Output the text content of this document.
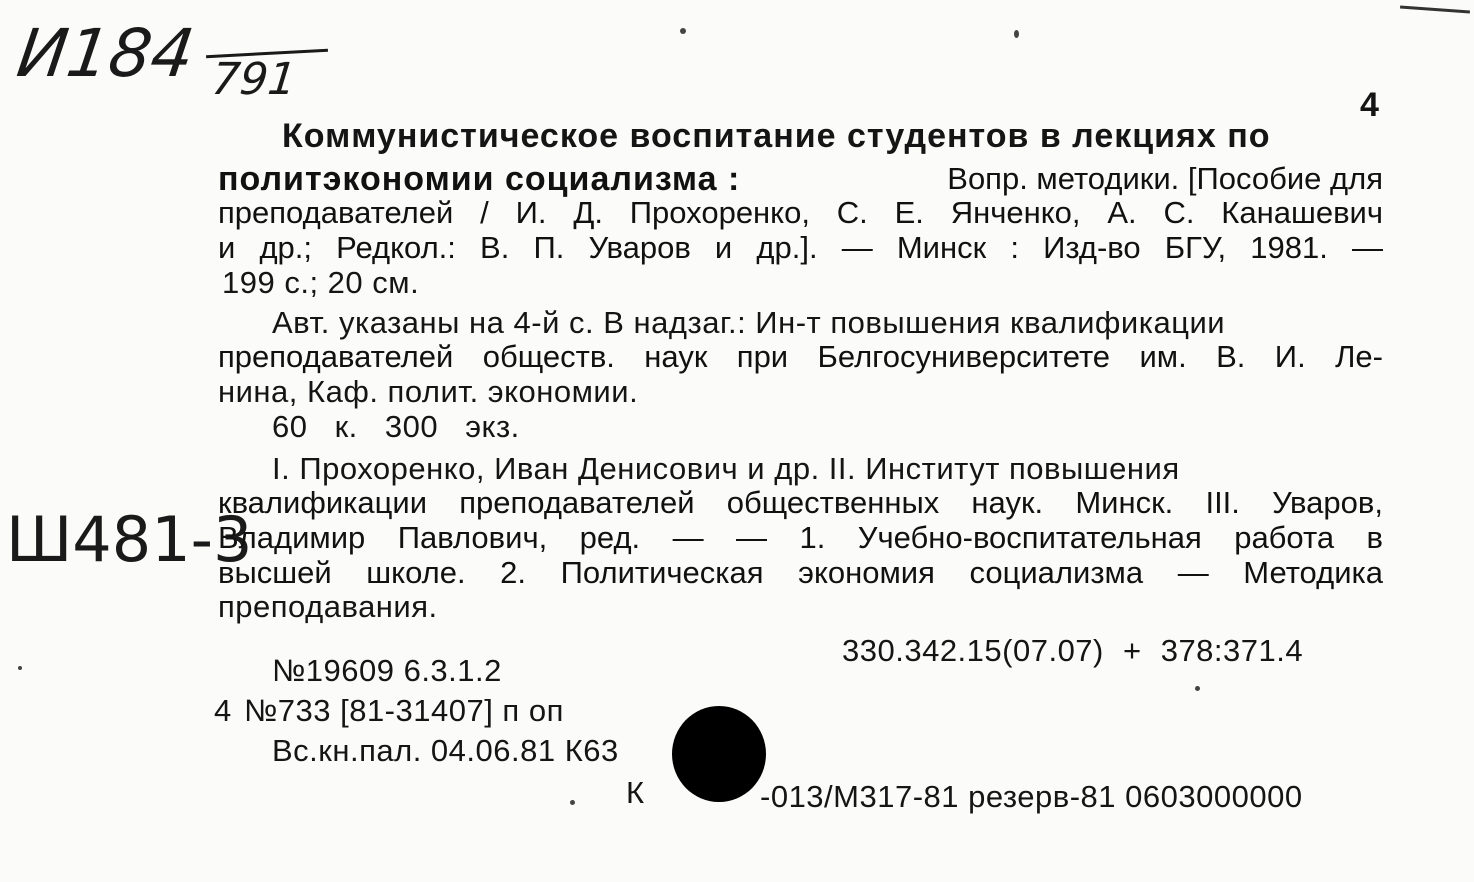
И184 791
Ш481-3
4
Коммунистическое воспитание студентов в лекциях по
политэкономии социализма :	Вопр. методики. [Пособие для
преподавателей / И. Д. Прохоренко, С. Е. Янченко, А. С. Канашевич
и др.; Редкол.: В. П. Уваров и др.]. — Минск : Изд-во БГУ, 1981. —
199 с.; 20 см.
Авт. указаны на 4-й с. В надзаг.: Ин-т повышения квалификации
преподавателей обществ. наук при Белгосуниверситете им. В. И. Ле-
нина, Каф. полит. экономии.
60 к. 300 экз.
I. Прохоренко, Иван Денисович и др. II. Институт повышения
квалификации преподавателей общественных наук. Минск. III. Уваров,
Владимир Павлович, ред. — — 1. Учебно-воспитательная работа в
высшей школе. 2. Политическая экономия социализма — Методика
преподавания.
330.342.15(07.07) + 378:371.4
№19609 6.3.1.2
4 №733 [81-31407] п оп
Вс.кн.пал. 04.06.81 К63
К	-013/М317-81 резерв-81 0603000000
